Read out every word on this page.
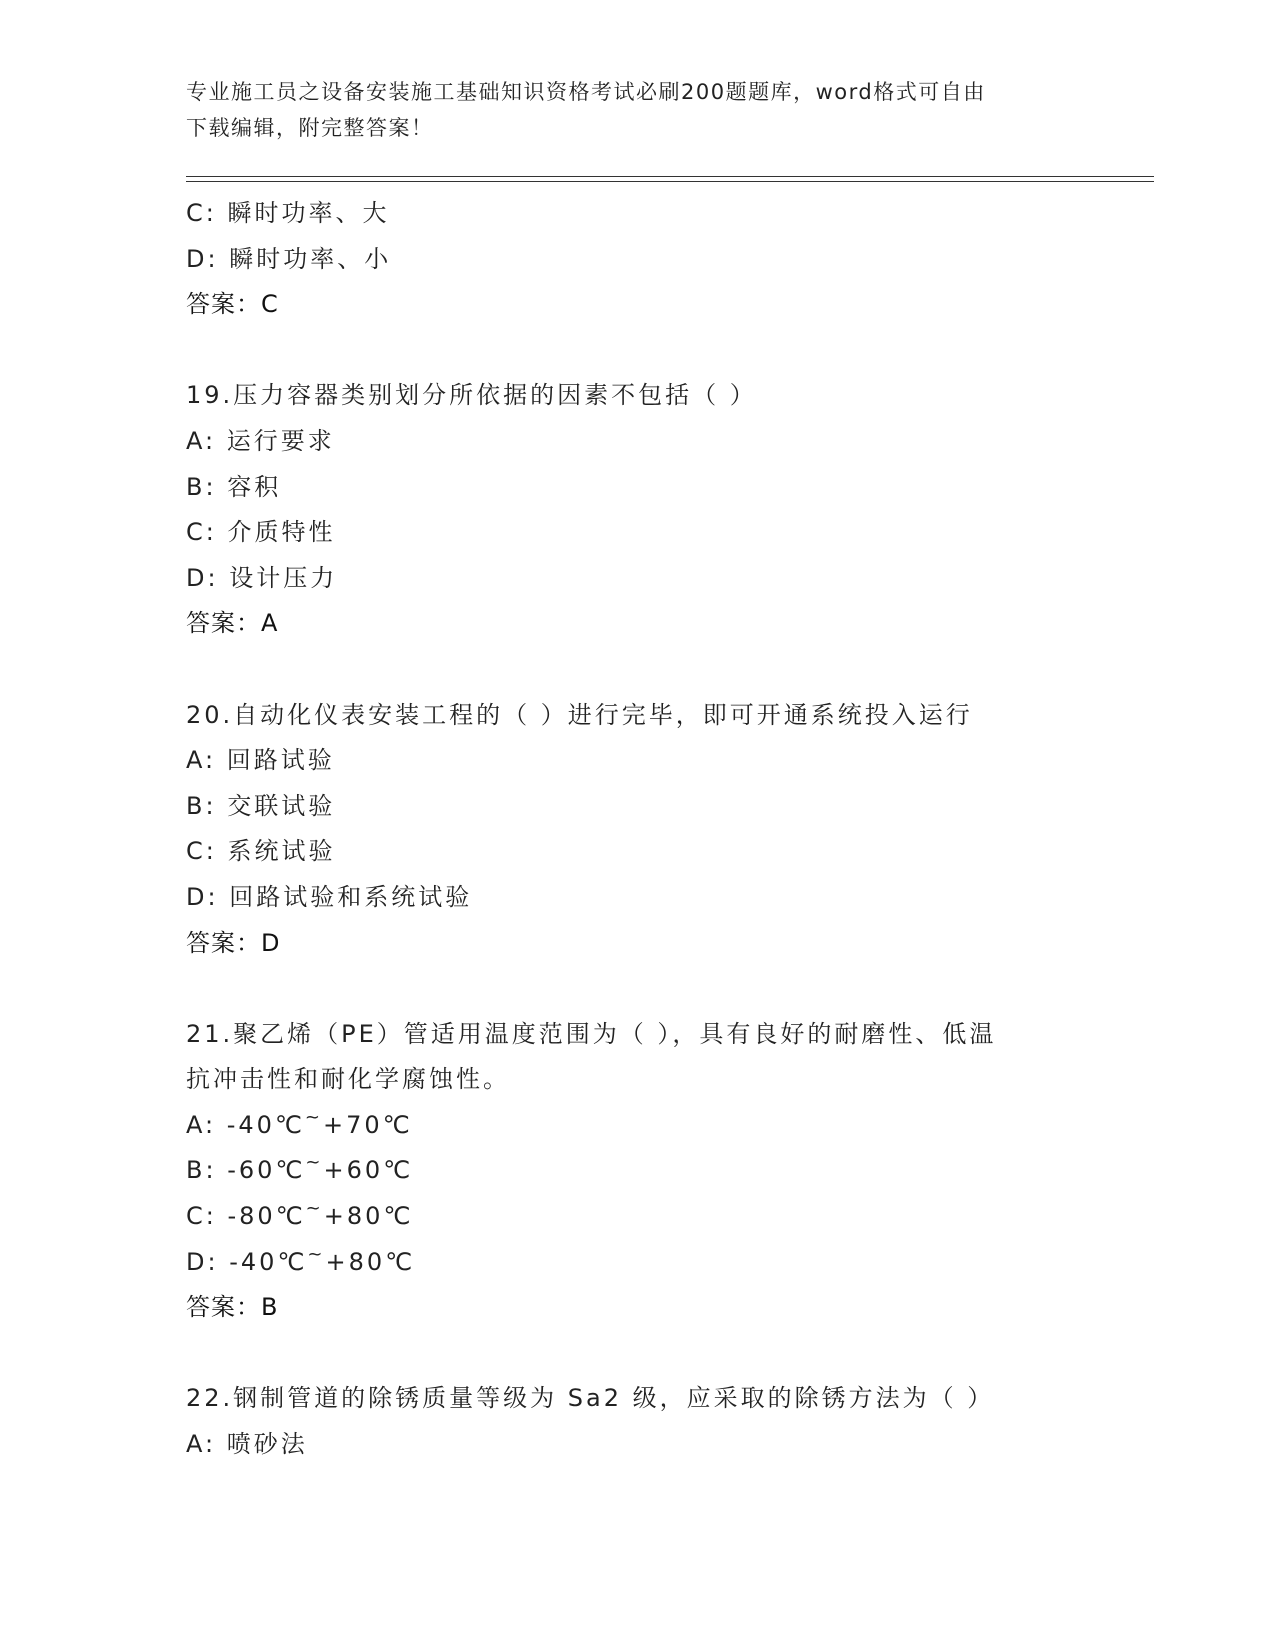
专业施工员之设备安装施工基础知识资格考试必刷200题题库，word格式可自由
下载编辑，附完整答案！
C: 瞬时功率、大
D: 瞬时功率、小
答案：C
19.压力容器类别划分所依据的因素不包括（ ）
A: 运行要求
B: 容积
C: 介质特性
D: 设计压力
答案：A
20.自动化仪表安装工程的（ ）进行完毕，即可开通系统投入运行
A: 回路试验
B: 交联试验
C: 系统试验
D: 回路试验和系统试验
答案：D
21.聚乙烯（PE）管适用温度范围为（ ），具有良好的耐磨性、低温
抗冲击性和耐化学腐蚀性。
A: -40℃~+70℃
B: -60℃~+60℃
C: -80℃~+80℃
D: -40℃~+80℃
答案：B
22.钢制管道的除锈质量等级为 Sa2 级，应采取的除锈方法为（ ）
A: 喷砂法
